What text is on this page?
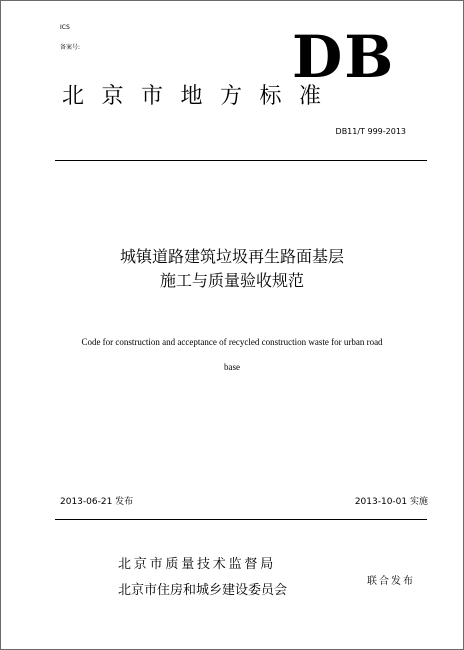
ICS
备案号:	DB
北京市地方标准
DB11/T 999-2013
城镇道路建筑垃圾再生路面基层
施工与质量验收规范
Code for construction and acceptance of recycled construction waste for urban road
base
2013-06-21 发布	2013-10-01 实施
北京市质量技术监督局
北京市住房和城乡建设委员会
联合发布
